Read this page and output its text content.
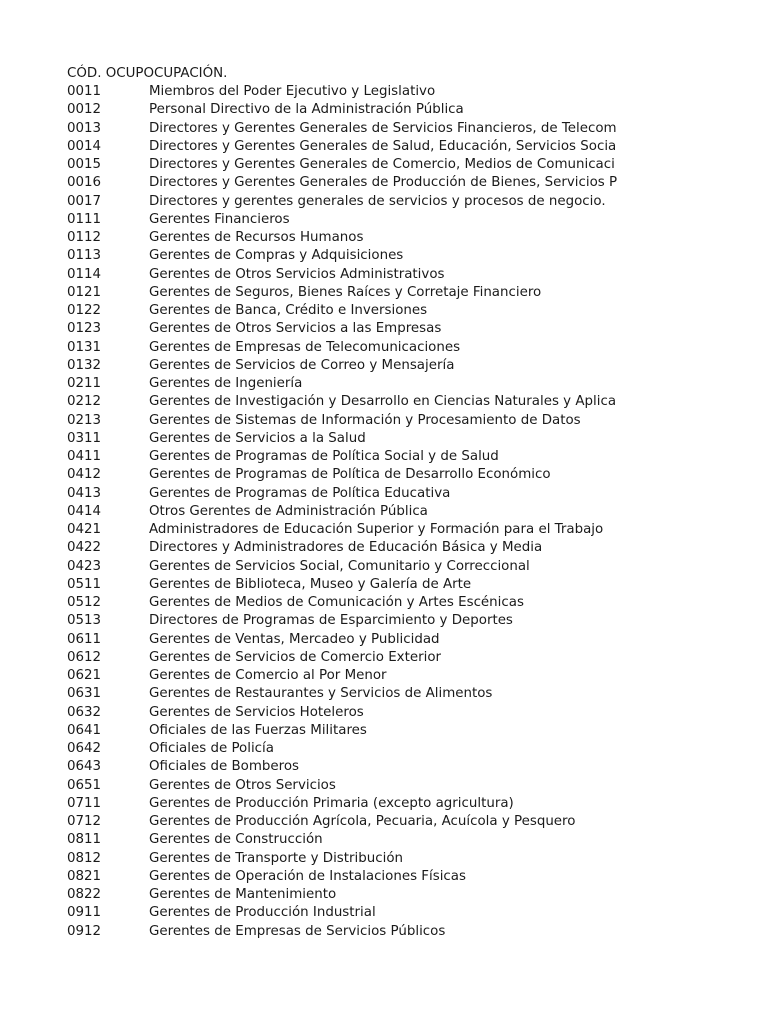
CÓD. OCUPOCUPACIÓN.
0011	Miembros del Poder Ejecutivo y Legislativo
0012	Personal Directivo de la Administración Pública
0013	Directores y Gerentes Generales de Servicios Financieros, de Telecom
0014	Directores y Gerentes Generales de Salud, Educación, Servicios Socia
0015	Directores y Gerentes Generales de Comercio, Medios de Comunicaci
0016	Directores y Gerentes Generales de Producción de Bienes, Servicios P
0017	Directores y gerentes generales de servicios y procesos de negocio.
0111	Gerentes Financieros
0112	Gerentes de Recursos Humanos
0113	Gerentes de Compras y Adquisiciones
0114	Gerentes de Otros Servicios Administrativos
0121	Gerentes de Seguros, Bienes Raíces y Corretaje Financiero
0122	Gerentes de Banca, Crédito e Inversiones
0123	Gerentes de Otros Servicios a las Empresas
0131	Gerentes de Empresas de Telecomunicaciones
0132	Gerentes de Servicios de Correo y Mensajería
0211	Gerentes de Ingeniería
0212	Gerentes de Investigación y Desarrollo en Ciencias Naturales y Aplica
0213	Gerentes de Sistemas de Información y Procesamiento de Datos
0311	Gerentes de Servicios a la Salud
0411	Gerentes de Programas de Política Social y de Salud
0412	Gerentes de Programas de Política de Desarrollo Económico
0413	Gerentes de Programas de Política Educativa
0414	Otros Gerentes de Administración Pública
0421	Administradores de Educación Superior y Formación para el Trabajo
0422	Directores y Administradores de Educación Básica y Media
0423	Gerentes de Servicios Social, Comunitario y Correccional
0511	Gerentes de Biblioteca, Museo y Galería de Arte
0512	Gerentes de Medios de Comunicación y Artes Escénicas
0513	Directores de Programas de Esparcimiento y Deportes
0611	Gerentes de Ventas, Mercadeo y Publicidad
0612	Gerentes de Servicios de Comercio Exterior
0621	Gerentes de Comercio al Por Menor
0631	Gerentes de Restaurantes y Servicios de Alimentos
0632	Gerentes de Servicios Hoteleros
0641	Oficiales de las Fuerzas Militares
0642	Oficiales de Policía
0643	Oficiales de Bomberos
0651	Gerentes de Otros Servicios
0711	Gerentes de Producción Primaria (excepto agricultura)
0712	Gerentes de Producción Agrícola, Pecuaria, Acuícola y Pesquero
0811	Gerentes de Construcción
0812	Gerentes de Transporte y Distribución
0821	Gerentes de Operación de Instalaciones Físicas
0822	Gerentes de Mantenimiento
0911	Gerentes de Producción Industrial
0912	Gerentes de Empresas de Servicios Públicos
